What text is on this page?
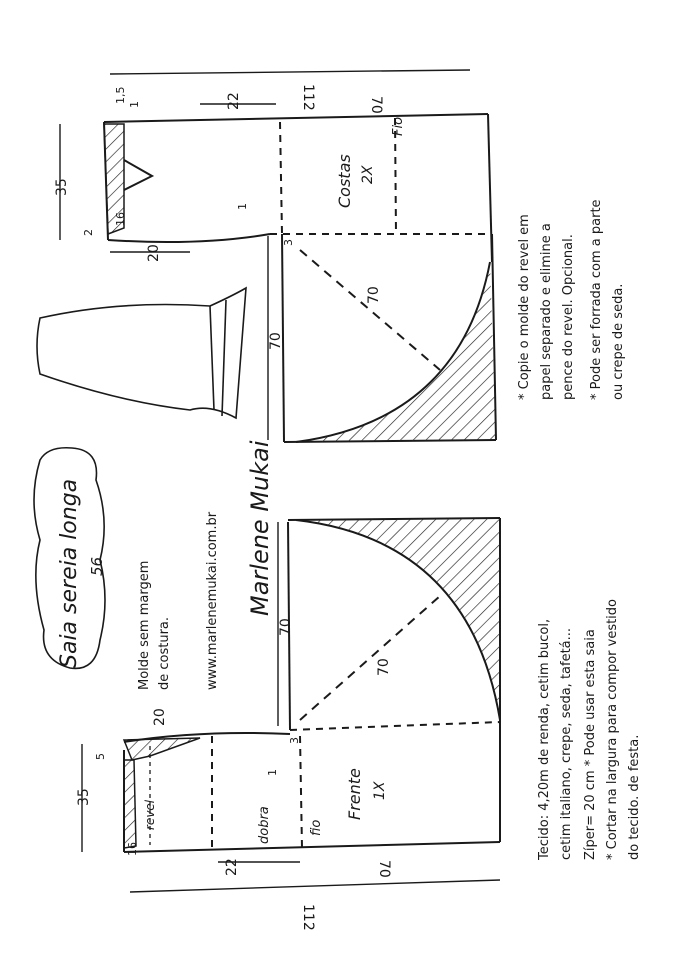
Saia sereia longa 56 Molde sem margem de costura.	www.marlenemukai.com.br Marlene Mukai
Costas 2X
Fio
112	70
22
35
1,5
1
16
2
20
3
1
70
70
Frente 1X
dobra	fio
revel
112
70
22
35
5
16
20
3
1
70
70
* Copie o molde do revel em papel separado e elimine a pence do revel. Opcional. * Pode ser forrada com a parte ou crepe de seda.
Tecido: 4,20m de renda, cetim bucol, cetim italiano, crepe, seda, tafetá... Zíper= 20 cm * Pode usar esta saia * Cortar na largura para compor vestido do tecido. de festa.
